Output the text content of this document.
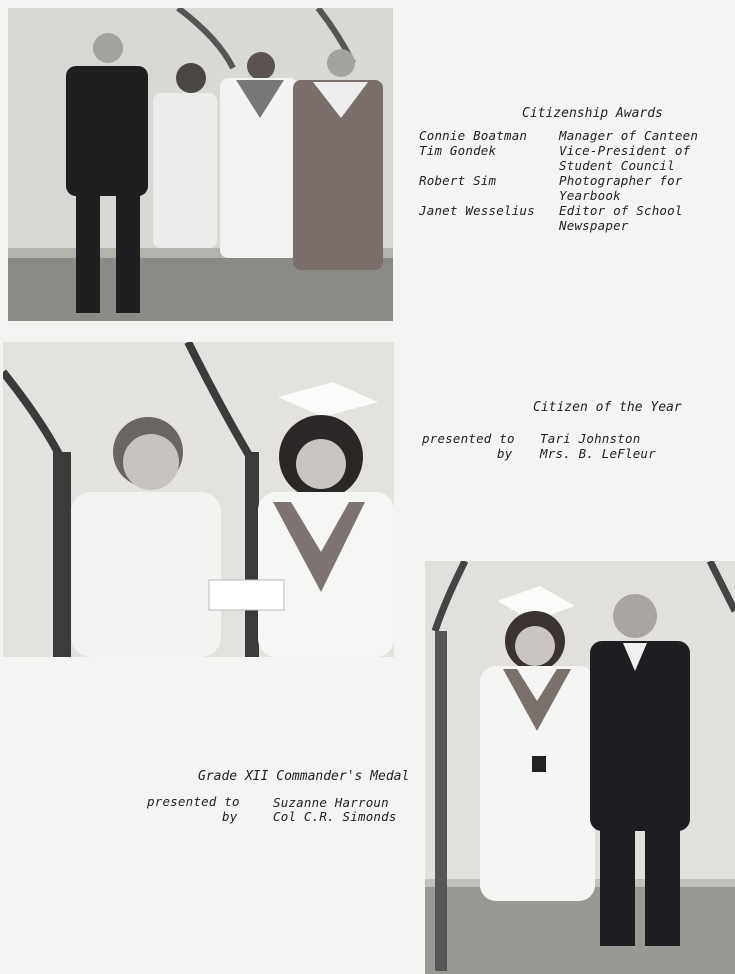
Citizenship Awards
Connie Boatman	Manager of Canteen
Tim Gondek	Vice-President of
Student Council
Robert Sim	Photographer for
Yearbook
Janet Wesselius	Editor of School
Newspaper
Citizen of the Year
presented to Tari Johnston
by Mrs. B. LeFleur
Grade XII Commander's Medal
presented to	Suzanne Harroun
by	Col C.R. Simonds
